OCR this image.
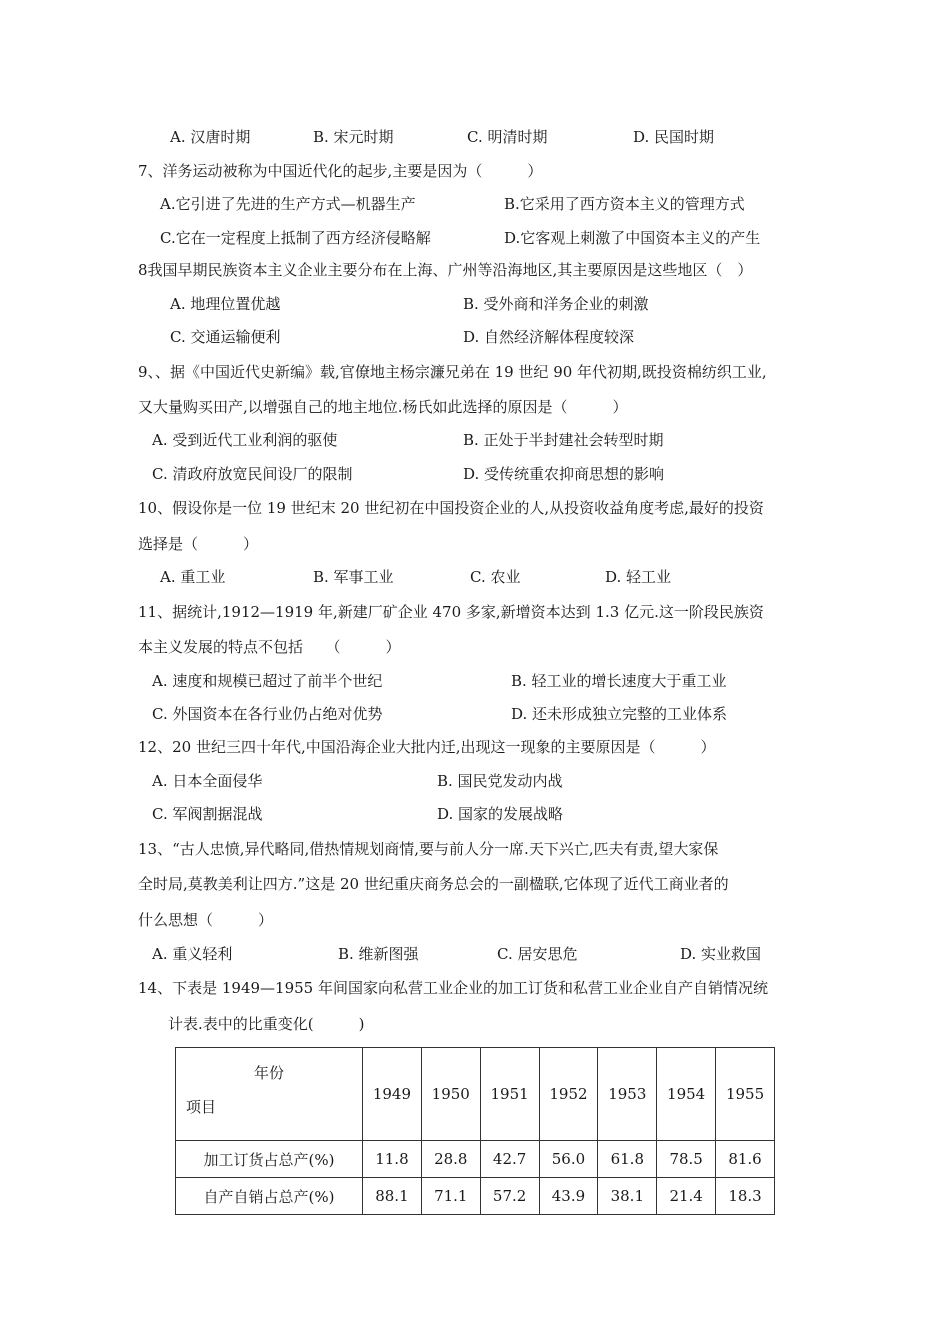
A. 汉唐时期	B. 宋元时期	C. 明清时期	D. 民国时期
7、洋务运动被称为中国近代化的起步,主要是因为（　　　）
A.它引进了先进的生产方式—机器生产	B.它采用了西方资本主义的管理方式
C.它在一定程度上抵制了西方经济侵略解	D.它客观上刺激了中国资本主义的产生
8我国早期民族资本主义企业主要分布在上海、广州等沿海地区,其主要原因是这些地区（　）
A. 地理位置优越	B. 受外商和洋务企业的刺激
C. 交通运输便利	D. 自然经济解体程度较深
9、、据《中国近代史新编》载,官僚地主杨宗濂兄弟在 19 世纪 90 年代初期,既投资棉纺织工业,
又大量购买田产,以增强自己的地主地位.杨氏如此选择的原因是（　　　）
A. 受到近代工业利润的驱使	B. 正处于半封建社会转型时期
C. 清政府放宽民间设厂的限制	D. 受传统重农抑商思想的影响
10、假设你是一位 19 世纪末 20 世纪初在中国投资企业的人,从投资收益角度考虑,最好的投资
选择是（　　　）
A. 重工业	B. 军事工业	C. 农业	D. 轻工业
11、据统计,1912—1919 年,新建厂矿企业 470 多家,新增资本达到 1.3 亿元.这一阶段民族资
本主义发展的特点不包括　　（　　　）
A. 速度和规模已超过了前半个世纪	B. 轻工业的增长速度大于重工业
C. 外国资本在各行业仍占绝对优势	D. 还未形成独立完整的工业体系
12、20 世纪三四十年代,中国沿海企业大批内迁,出现这一现象的主要原因是（　　　）
A. 日本全面侵华	B. 国民党发动内战
C. 军阀割据混战	D. 国家的发展战略
13、“古人忠愤,异代略同,借热情规划商情,要与前人分一席.天下兴亡,匹夫有责,望大家保
全时局,莫教美利让四方.”这是 20 世纪重庆商务总会的一副楹联,它体现了近代工商业者的
什么思想（　　　）
A. 重义轻利	B. 维新图强	C. 居安思危	D. 实业救国
14、下表是 1949—1955 年间国家向私营工业企业的加工订货和私营工业企业自产自销情况统
计表.表中的比重变化(　　　)
年份
项目	1949	1950	1951	1952	1953	1954	1955
加工订货占总产(%)	11.8	28.8	42.7	56.0	61.8	78.5	81.6
自产自销占总产(%)	88.1	71.1	57.2	43.9	38.1	21.4	18.3
